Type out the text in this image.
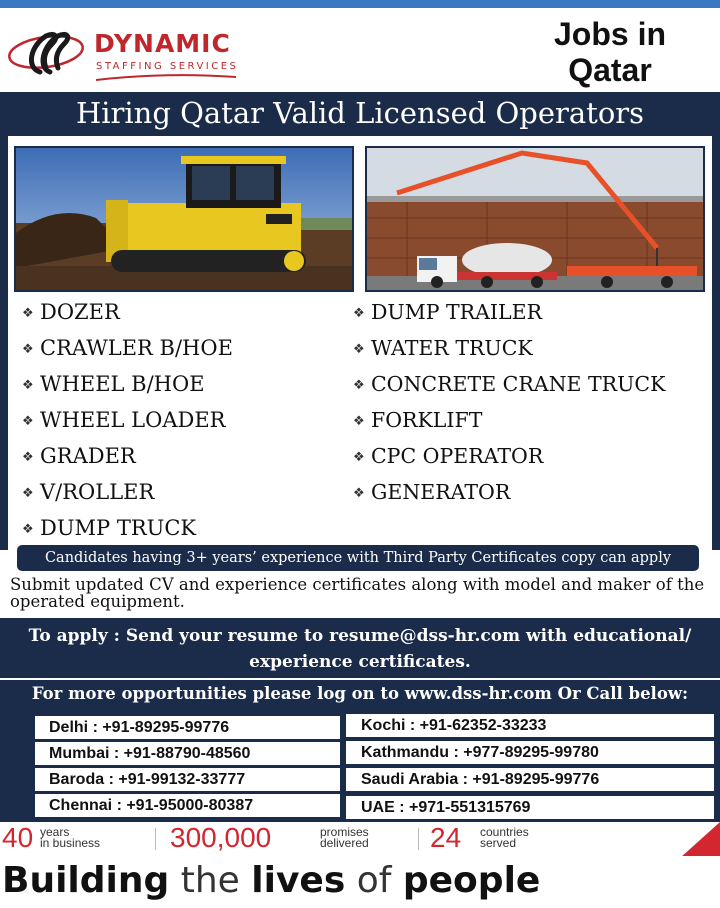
DYNAMIC
STAFFING SERVICES
Jobs in
Qatar
Hiring Qatar Valid Licensed Operators
❖ DOZER
❖ CRAWLER B/HOE
❖ WHEEL B/HOE
❖ WHEEL LOADER
❖ GRADER
❖ V/ROLLER
❖ DUMP TRUCK
❖ DUMP TRAILER
❖ WATER TRUCK
❖ CONCRETE CRANE TRUCK
❖ FORKLIFT
❖ CPC OPERATOR
❖ GENERATOR
Candidates having 3+ years’ experience with Third Party Certificates copy can apply
Submit updated CV and experience certificates along with model and maker of the operated equipment.
To apply : Send your resume to resume@dss-hr.com with educational/
experience certificates.
For more opportunities please log on to www.dss-hr.com Or Call below:
Delhi : +91-89295-99776
Mumbai : +91-88790-48560
Baroda : +91-99132-33777
Chennai : +91-95000-80387
Kochi : +91-62352-33233
Kathmandu : +977-89295-99780
Saudi Arabia : +91-89295-99776
UAE : +971-551315769
40 years
in business 300,000	promises
delivered 24 countries
served
Building the lives of people
